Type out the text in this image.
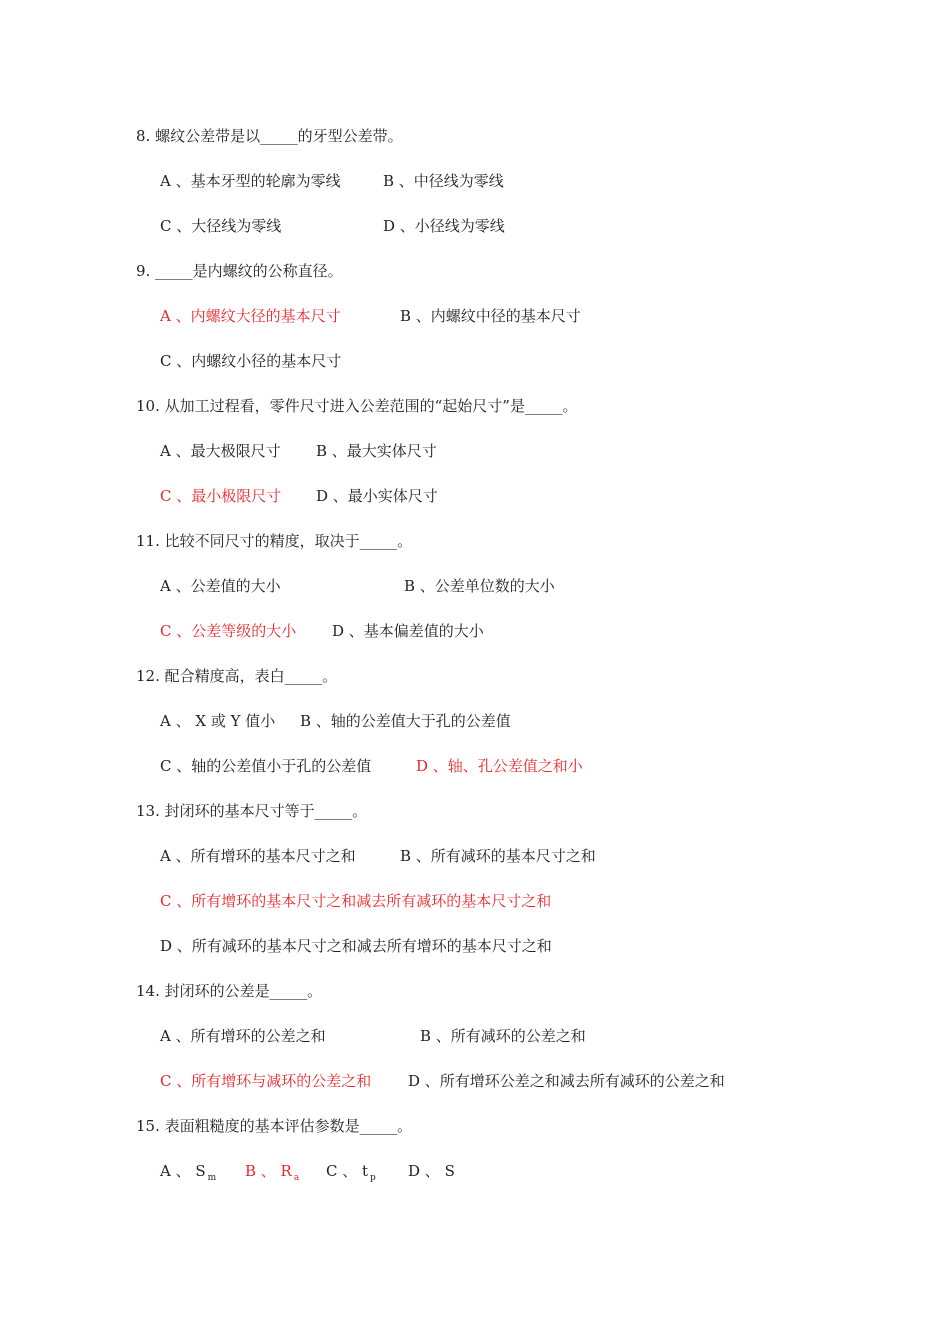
8. 螺纹公差带是以_____的牙型公差带。
A 、基本牙型的轮廓为零线	B 、中径线为零线
C 、大径线为零线	D 、小径线为零线
9. _____是内螺纹的公称直径。
A 、内螺纹大径的基本尺寸	B 、内螺纹中径的基本尺寸
C 、内螺纹小径的基本尺寸
10. 从加工过程看，零件尺寸进入公差范围的“起始尺寸”是_____。
A 、最大极限尺寸 B 、最大实体尺寸
C 、最小极限尺寸 D 、最小实体尺寸
11. 比较不同尺寸的精度，取决于_____。
A 、公差值的大小	B 、公差单位数的大小
C 、公差等级的大小 D 、基本偏差值的大小
12. 配合精度高，表白_____。
A 、 X 或 Y 值小 B 、轴的公差值大于孔的公差值
C 、轴的公差值小于孔的公差值	D 、轴、孔公差值之和小
13. 封闭环的基本尺寸等于_____。
A 、所有增环的基本尺寸之和	B 、所有减环的基本尺寸之和
C 、所有增环的基本尺寸之和减去所有减环的基本尺寸之和
D 、所有减环的基本尺寸之和减去所有增环的基本尺寸之和
14. 封闭环的公差是_____。
A 、所有增环的公差之和	B 、所有减环的公差之和
C 、所有增环与减环的公差之和 D 、所有增环公差之和减去所有减环的公差之和
15. 表面粗糙度的基本评估参数是_____。
A 、 S $_m$ B 、 R $_a$ C 、 t $_p$ D 、 S
